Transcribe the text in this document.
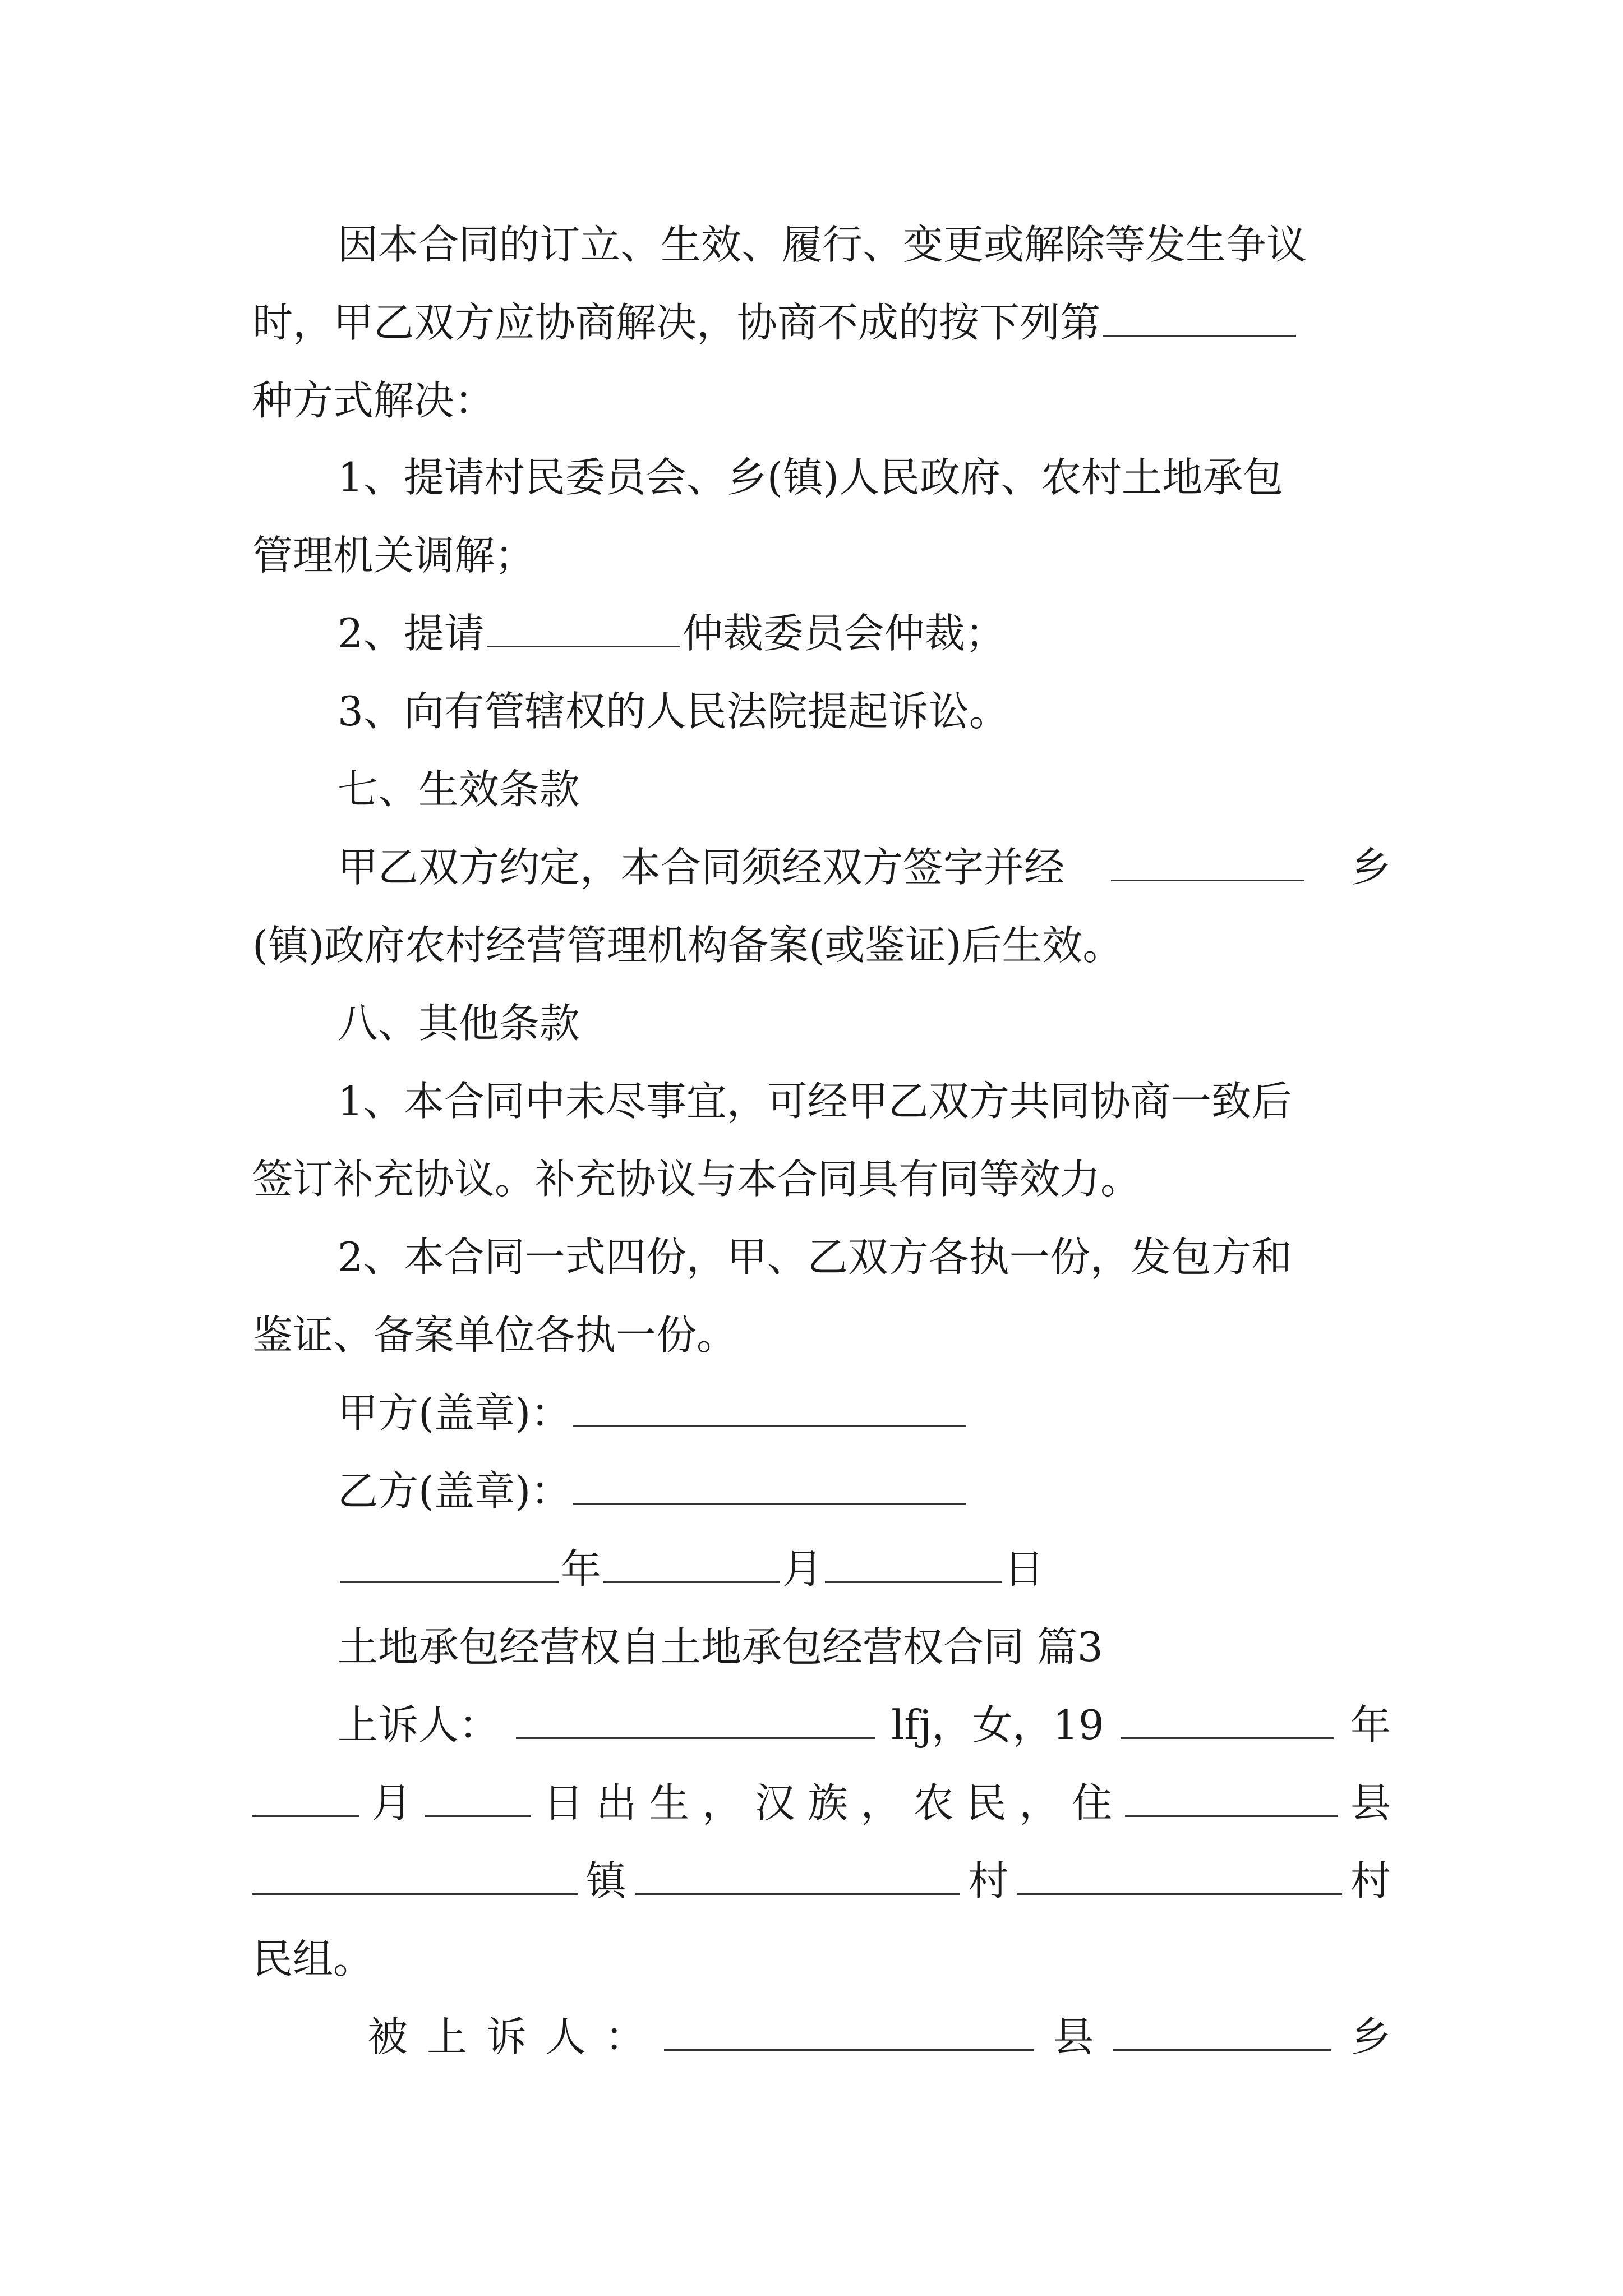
因本合同的订立、生效、履行、变更或解除等发生争议
时，甲乙双方应协商解决，协商不成的按下列第
种方式解决：
1、提请村民委员会、乡(镇)人民政府、农村土地承包
管理机关调解；
2、提请	仲裁委员会仲裁；
3、向有管辖权的人民法院提起诉讼。
七、生效条款
甲乙双方约定，本合同须经双方签字并经	乡
(镇)政府农村经营管理机构备案(或鉴证)后生效。
八、其他条款
1、本合同中未尽事宜，可经甲乙双方共同协商一致后
签订补充协议。补充协议与本合同具有同等效力。
2、本合同一式四份，甲、乙双方各执一份，发包方和
鉴证、备案单位各执一份。
甲方(盖章)：
乙方(盖章)：
年	月	日
土地承包经营权自土地承包经营权合同 篇3
上诉人：	lfj，女，19	年
月	日 出 生 ， 汉 族 ， 农 民 ， 住	县
镇	村	村
民组。
被 上 诉 人 ：	县	乡
